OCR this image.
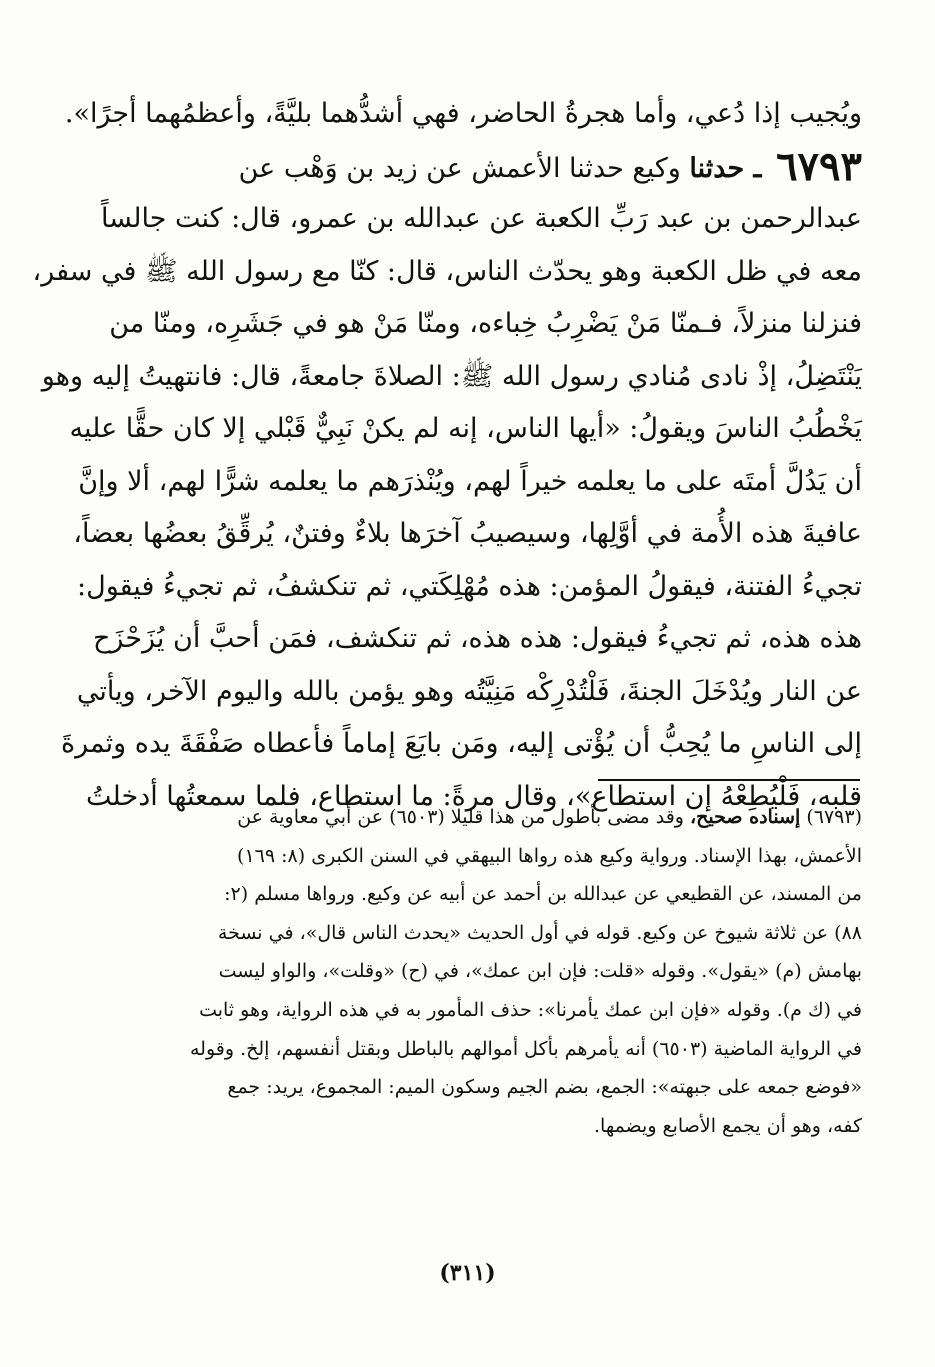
ويُجيب إذا دُعي، وأما هجرةُ الحاضر، فهي أشدُّهما بليَّةً، وأعظمُهما أجرًا».
٦٧٩٣ ـ حدثنا وكيع حدثنا الأعمش عن زيد بن وَهْب عن
عبدالرحمن بن عبد رَبِّ الكعبة عن عبدالله بن عمرو، قال: كنت جالساً
معه في ظل الكعبة وهو يحدّث الناس، قال: كنّا مع رسول الله ﷺ في سفر،
فنزلنا منزلاً، فـمنّا مَنْ يَضْرِبُ خِباءه، ومنّا مَنْ هو في جَشَرِه، ومنّا من
يَنْتَضِلُ، إذْ نادى مُنادي رسول الله ﷺ: الصلاةَ جامعةً، قال: فانتهيتُ إليه وهو
يَخْطُبُ الناسَ ويقولُ: «أيها الناس، إنه لم يكنْ نَبِيٌّ قَبْلي إلا كان حقًّا عليه
أن يَدُلَّ أمتَه على ما يعلمه خيراً لهم، ويُنْذرَهم ما يعلمه شرًّا لهم، ألا وإنَّ
عافيةَ هذه الأُمة في أوَّلِها، وسيصيبُ آخرَها بلاءٌ وفتنٌ، يُرقِّقُ بعضُها بعضاً،
تجيءُ الفتنة، فيقولُ المؤمن: هذه مُهْلِكَتي، ثم تنكشفُ، ثم تجيءُ فيقول:
هذه هذه، ثم تجيءُ فيقول: هذه هذه، ثم تنكشف، فمَن أحبَّ أن يُزَحْزَح
عن النار ويُدْخَلَ الجنةَ، فَلْتُدْرِكْه مَنِيَّتُه وهو يؤمن بالله واليوم الآخر، ويأتي
إلى الناسِ ما يُحِبُّ أن يُؤْتى إليه، ومَن بايَعَ إماماً فأعطاه صَفْقَةَ يده وثمرةَ
قلبه، فَلْيُطِعْهُ إن استطاع»، وقال مرةً: ما استطاع، فلما سمعتُها أدخلتُ
(٦٧٩٣) إسناده صحيح، وقد مضى بأطول من هذا قليلا (٦٥٠٣) عن أبي معاوية عن
الأعمش، بهذا الإسناد. ورواية وكيع هذه رواها البيهقي في السنن الكبرى (٨: ١٦٩)
من المسند، عن القطيعي عن عبدالله بن أحمد عن أبيه عن وكيع. ورواها مسلم (٢:
٨٨) عن ثلاثة شيوخ عن وكيع. قوله في أول الحديث «يحدث الناس قال»، في نسخة
بهامش (م) «يقول». وقوله «قلت: فإن ابن عمك»، في (ح) «وقلت»، والواو ليست
في (ك م). وقوله «فإن ابن عمك يأمرنا»: حذف المأمور به في هذه الرواية، وهو ثابت
في الرواية الماضية (٦٥٠٣) أنه يأمرهم بأكل أموالهم بالباطل وبقتل أنفسهم، إلخ. وقوله
«فوضع جمعه على جبهته»: الجمع، بضم الجيم وسكون الميم: المجموع، يريد: جمع
كفه، وهو أن يجمع الأصابع ويضمها.
(٣١١)
